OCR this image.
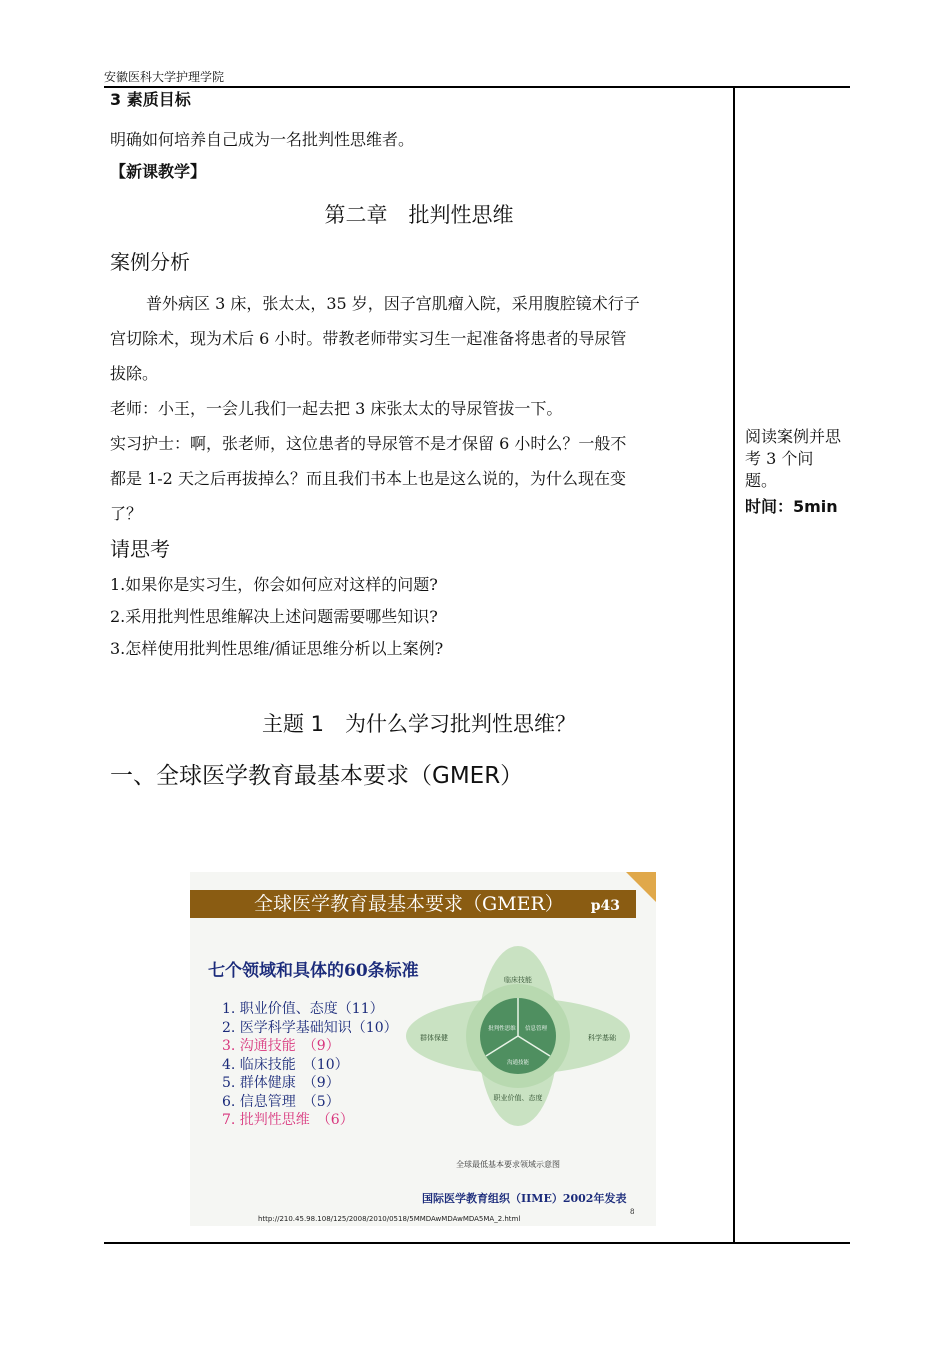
安徽医科大学护理学院
3 素质目标
明确如何培养自己成为一名批判性思维者。
【新课教学】
第二章　批判性思维
案例分析
普外病区 3 床，张太太，35 岁，因子宫肌瘤入院，采用腹腔镜术行子
宫切除术，现为术后 6 小时。带教老师带实习生一起准备将患者的导尿管
拔除。
老师：小王，一会儿我们一起去把 3 床张太太的导尿管拔一下。
实习护士：啊，张老师，这位患者的导尿管不是才保留 6 小时么？一般不
都是 1-2 天之后再拔掉么？而且我们书本上也是这么说的，为什么现在变
了？
请思考
1.如果你是实习生，你会如何应对这样的问题?
2.采用批判性思维解决上述问题需要哪些知识?
3.怎样使用批判性思维/循证思维分析以上案例?
主题 1　为什么学习批判性思维？
一、全球医学教育最基本要求（GMER）
阅读案例并思考 3 个问题。
时间：5min
全球医学教育最基本要求（GMER） p43
七个领域和具体的60条标准
1. 职业价值、态度（11）
2. 医学科学基础知识（10）
3. 沟通技能　（9）
4. 临床技能　（10）
5. 群体健康　（9）
6. 信息管理　（5）
7. 批判性思维　（6）
临床技能
群体保健	科学基础
职业价值、态度
批判性思维 信息管理
沟通技能
全球最低基本要求领域示意图
国际医学教育组织（IIME）2002年发表
http://210.45.98.108/125/2008/2010/0518/5MMDAwMDAwMDA5MA_2.html
8
